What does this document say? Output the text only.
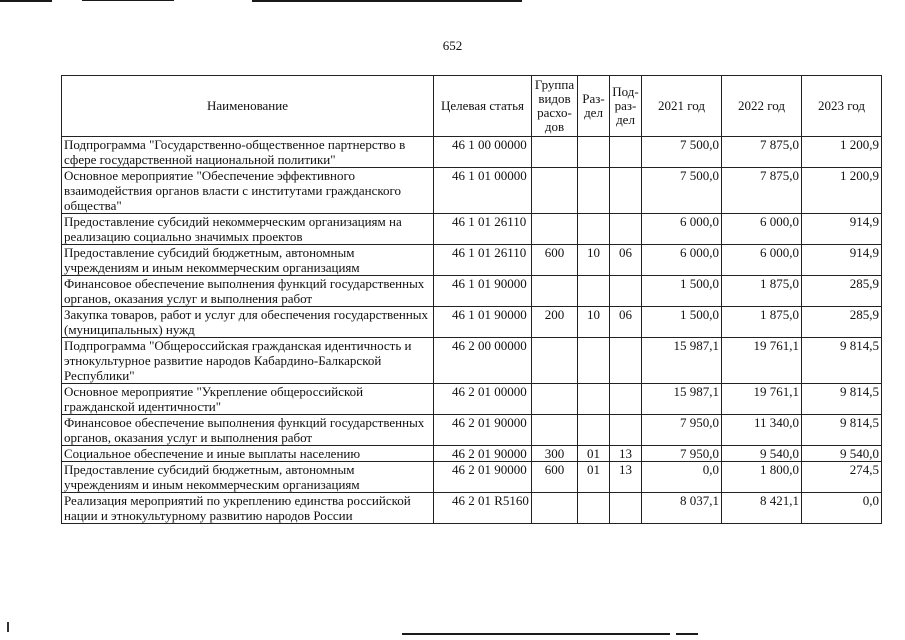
652
Наименование	Целевая статья	Группа видов расхо-дов	Раз-дел	Под-раз-дел	2021 год	2022 год	2023 год
Подпрограмма "Государственно-общественное партнерство в сфере государственной национальной политики"	46 1 00 00000				7 500,0	7 875,0	1 200,9
Основное мероприятие "Обеспечение эффективного взаимодействия органов власти с институтами гражданского общества"	46 1 01 00000				7 500,0	7 875,0	1 200,9
Предоставление субсидий некоммерческим организациям на реализацию социально значимых проектов	46 1 01 26110				6 000,0	6 000,0	914,9
Предоставление субсидий бюджетным, автономным учреждениям и иным некоммерческим организациям	46 1 01 26110	600	10	06	6 000,0	6 000,0	914,9
Финансовое обеспечение выполнения функций государственных органов, оказания услуг и выполнения работ	46 1 01 90000				1 500,0	1 875,0	285,9
Закупка товаров, работ и услуг для обеспечения государственных (муниципальных) нужд	46 1 01 90000	200	10	06	1 500,0	1 875,0	285,9
Подпрограмма "Общероссийская гражданская идентичность и этнокультурное развитие народов Кабардино-Балкарской Республики"	46 2 00 00000				15 987,1	19 761,1	9 814,5
Основное мероприятие "Укрепление общероссийской гражданской идентичности"	46 2 01 00000				15 987,1	19 761,1	9 814,5
Финансовое обеспечение выполнения функций государственных органов, оказания услуг и выполнения работ	46 2 01 90000				7 950,0	11 340,0	9 814,5
Социальное обеспечение и иные выплаты населению	46 2 01 90000	300	01	13	7 950,0	9 540,0	9 540,0
Предоставление субсидий бюджетным, автономным учреждениям и иным некоммерческим организациям	46 2 01 90000	600	01	13	0,0	1 800,0	274,5
Реализация мероприятий по укреплению единства российской нации и этнокультурному развитию народов России	46 2 01 R5160				8 037,1	8 421,1	0,0
